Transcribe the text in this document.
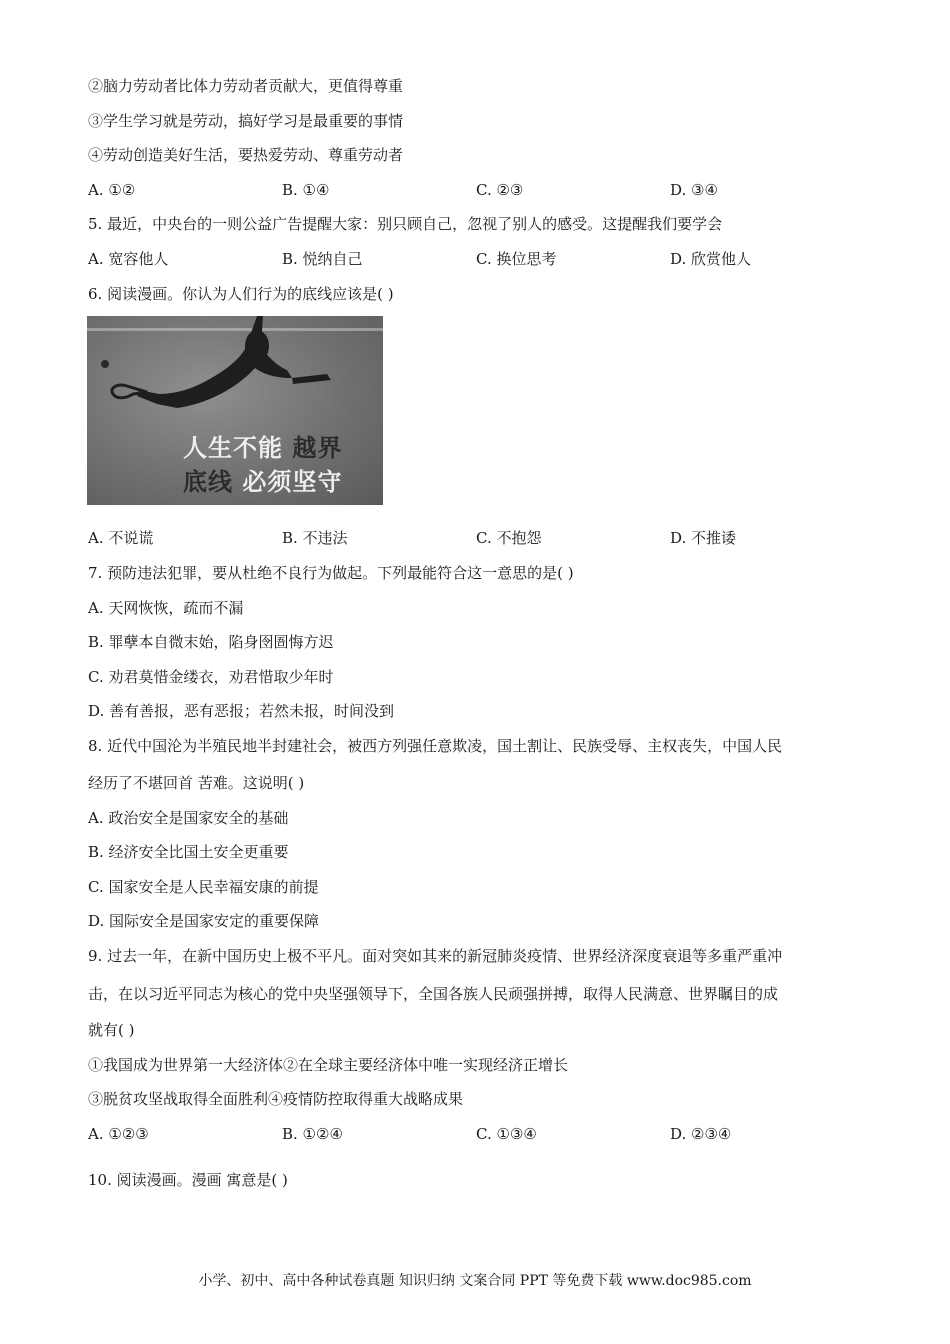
②脑力劳动者比体力劳动者贡献大，更值得尊重
③学生学习就是劳动，搞好学习是最重要的事情
④劳动创造美好生活，要热爱劳动、尊重劳动者
A. ①②	B. ①④	C. ②③	D. ③④
5. 最近，中央台的一则公益广告提醒大家：别只顾自己，忽视了别人的感受。这提醒我们要学会
A. 宽容他人	B. 悦纳自己	C. 换位思考	D. 欣赏他人
6. 阅读漫画。你认为人们行为的底线应该是( )
人生不能 越界
底线 必须坚守
A. 不说谎	B. 不违法	C. 不抱怨	D. 不推诿
7. 预防违法犯罪，要从杜绝不良行为做起。下列最能符合这一意思的是( )
A. 天网恢恢，疏而不漏
B. 罪孽本自微末始，陷身囹圄悔方迟
C. 劝君莫惜金缕衣，劝君惜取少年时
D. 善有善报，恶有恶报；若然未报，时间没到
8. 近代中国沦为半殖民地半封建社会，被西方列强任意欺凌，国土割让、民族受辱、主权丧失，中国人民
经历了不堪回首 苦难。这说明( )
A. 政治安全是国家安全的基础
B. 经济安全比国土安全更重要
C. 国家安全是人民幸福安康的前提
D. 国际安全是国家安定的重要保障
9. 过去一年，在新中国历史上极不平凡。面对突如其来的新冠肺炎疫情、世界经济深度衰退等多重严重冲
击，在以习近平同志为核心的党中央坚强领导下，全国各族人民顽强拼搏，取得人民满意、世界瞩目的成
就有( )
①我国成为世界第一大经济体②在全球主要经济体中唯一实现经济正增长
③脱贫攻坚战取得全面胜利④疫情防控取得重大战略成果
A. ①②③	B. ①②④	C. ①③④	D. ②③④
10. 阅读漫画。漫画 寓意是( )
小学、初中、高中各种试卷真题 知识归纳 文案合同 PPT 等免费下载 www.doc985.com
